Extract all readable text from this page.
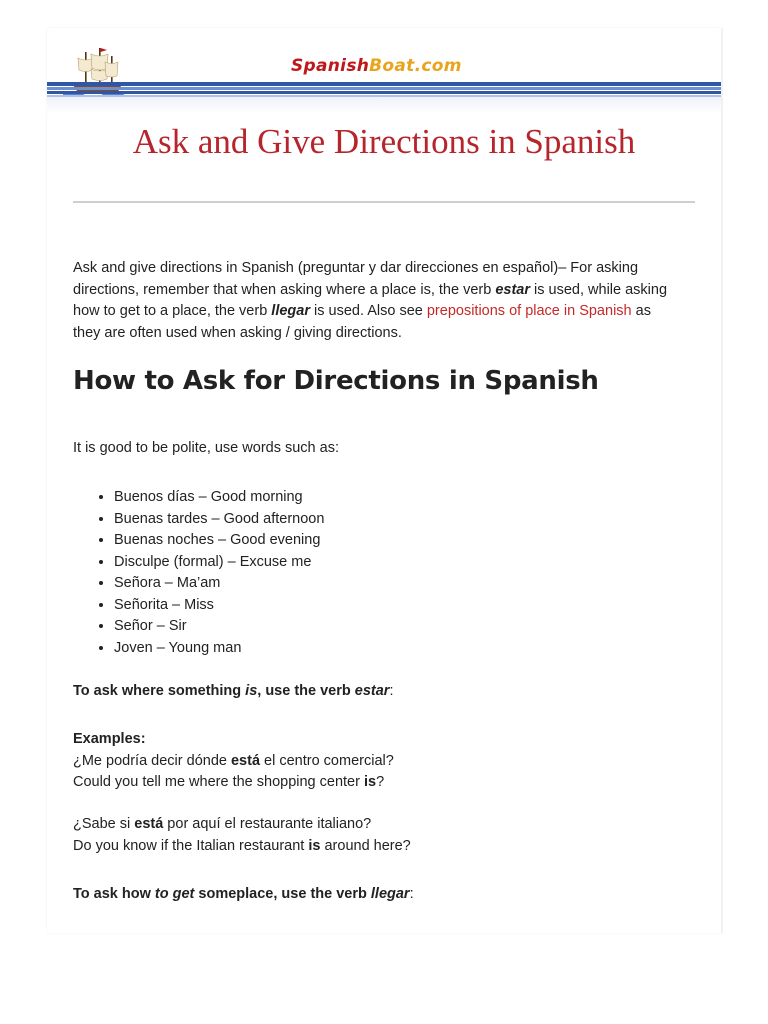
SpanishBoat.com
Ask and Give Directions in Spanish

Ask and give directions in Spanish (preguntar y dar direcciones en español)– For asking directions, remember that when asking where a place is, the verb estar is used, while asking how to get to a place, the verb llegar is used. Also see prepositions of place in Spanish as they are often used when asking / giving directions.

How to Ask for Directions in Spanish

It is good to be polite, use words such as:

• Buenos días – Good morning
• Buenas tardes – Good afternoon
• Buenas noches – Good evening
• Disculpe (formal) – Excuse me
• Señora – Ma’am
• Señorita – Miss
• Señor – Sir
• Joven – Young man

To ask where something is, use the verb estar:

Examples:
¿Me podría decir dónde está el centro comercial?
Could you tell me where the shopping center is?

¿Sabe si está por aquí el restaurante italiano?
Do you know if the Italian restaurant is around here?

To ask how to get someplace, use the verb llegar:
